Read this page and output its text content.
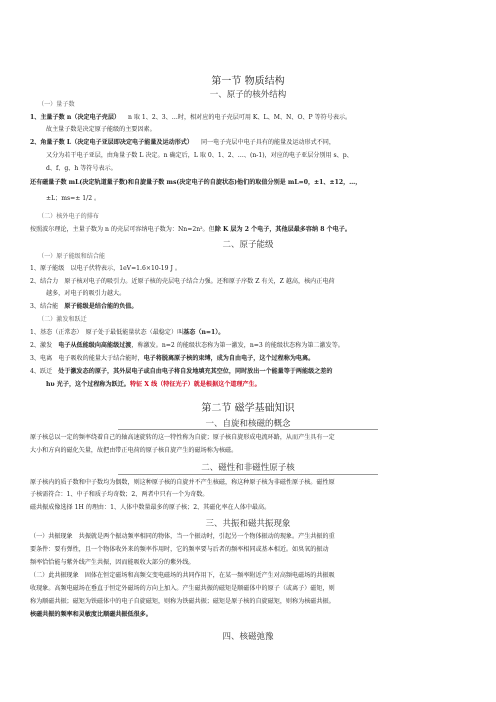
第一节 物质结构
一、原子的核外结构
（一）量子数
1、主量子数 n（决定电子壳层） n 取 1、2、3、…时，相对应的电子壳层可用 K、L、M、N、O、P 等符号表示。
故主量子数是决定原子能级的主要因素。
2、角量子数 L（决定电子亚层即决定电子能量及运动形式） 同一电子壳层中电子具有的能量及运动形式不同，
又分为若干电子亚层，由角量子数 L 决定。n 确定后，L 取 0、1、2、…、(n-1)，对应的电子亚层分别用 s、p、
d、f、g、h 等符号表示。
还有磁量子数 mL(决定轨道量子数)和自旋量子数 ms(决定电子的自旋状态)他们的取值分别是 mL=0，±1、±12，…，
±L；ms=± 1/2 。
（二）核外电子的排布
按照波尔理论，主量子数为 n 的壳层可容纳电子数为：Nn=2n²。但除 K 层为 2 个电子，其他层最多容纳 8 个电子。
二、原子能级
（一）原子能级和结合能
1、原子能级　以电子伏特表示，1eV=1.6×10-19 J 。
2、结合力　原子核对电子的吸引力。近原子核的壳层电子结合力强。还和原子序数 Z 有关，Z 越高，核内正电荷
越多，对电子的吸引力越大。
3、结合能　原子能级是结合能的负值。
（二）激发和跃迁
1、基态（正常态）　原子处于最低能量状态（最稳定）叫基态（n=1）。
2、激发　电子从低能级向高能级过渡，称激发。n=2 的能级状态称为第一激发，n=3 的能级状态称为第二激发等。
3、电离　电子吸收的能量大于结合能时，电子将脱离原子核的束缚，成为自由电子，这个过程称为电离。
4、跃迁　处于激发态的原子，其外层电子或自由电子将自发地填充其空位，同时放出一个能量等于两能级之差的
hυ 光子，这个过程称为跃迁。特征 X 线（特征光子）就是根据这个道理产生。
第二节 磁学基础知识
一、自旋和核磁的概念
原子核总以一定的频率绕着自己的轴高速旋转的这一特性称为自旋；原子核自旋形成电流环路，从而产生具有一定
大小和方向的磁化矢量，故把由带正电荷的原子核自旋产生的磁场称为核磁。
二、磁性和非磁性原子核
原子核内的质子数和中子数均为偶数，则这种原子核的自旋并不产生核磁，称这种原子核为非磁性原子核。磁性原
子核需符合：1、中子和质子均奇数；2、两者中只有一个为奇数。
磁共振成像选择 1H 的理由：1、人体中数量最多的原子核；2、其磁化率在人体中最高。
三、共振和磁共振现象
（一）共振现象　共振就是两个振动频率相同的物体，当一个振动时，引起另一个物体振动的现象。产生共振的重
要条件：要有弹性，且一个物体收外来的频率作用时，它的频率要与后者的频率相同或基本相近。如臭氧的振动
频率恰恰能与紫外线产生共振，因而能吸收大部分的紫外线。
（二）此共振现象　固体在恒定磁场和高频交变电磁场的共同作用下，在某一频率附近产生对高频电磁场的共振吸
收现象。高频电磁场在垂直于恒定外磁场的方向上加入。产生磁共振的磁矩是顺磁体中的原子（或离子）磁矩，则
称为顺磁共振；磁矩为铁磁体中的电子自旋磁矩，则称为铁磁共振；磁矩是原子核的自旋磁矩，则称为核磁共振。
核磁共振的频率和灵敏度比顺磁共振低很多。
四、核磁弛豫
